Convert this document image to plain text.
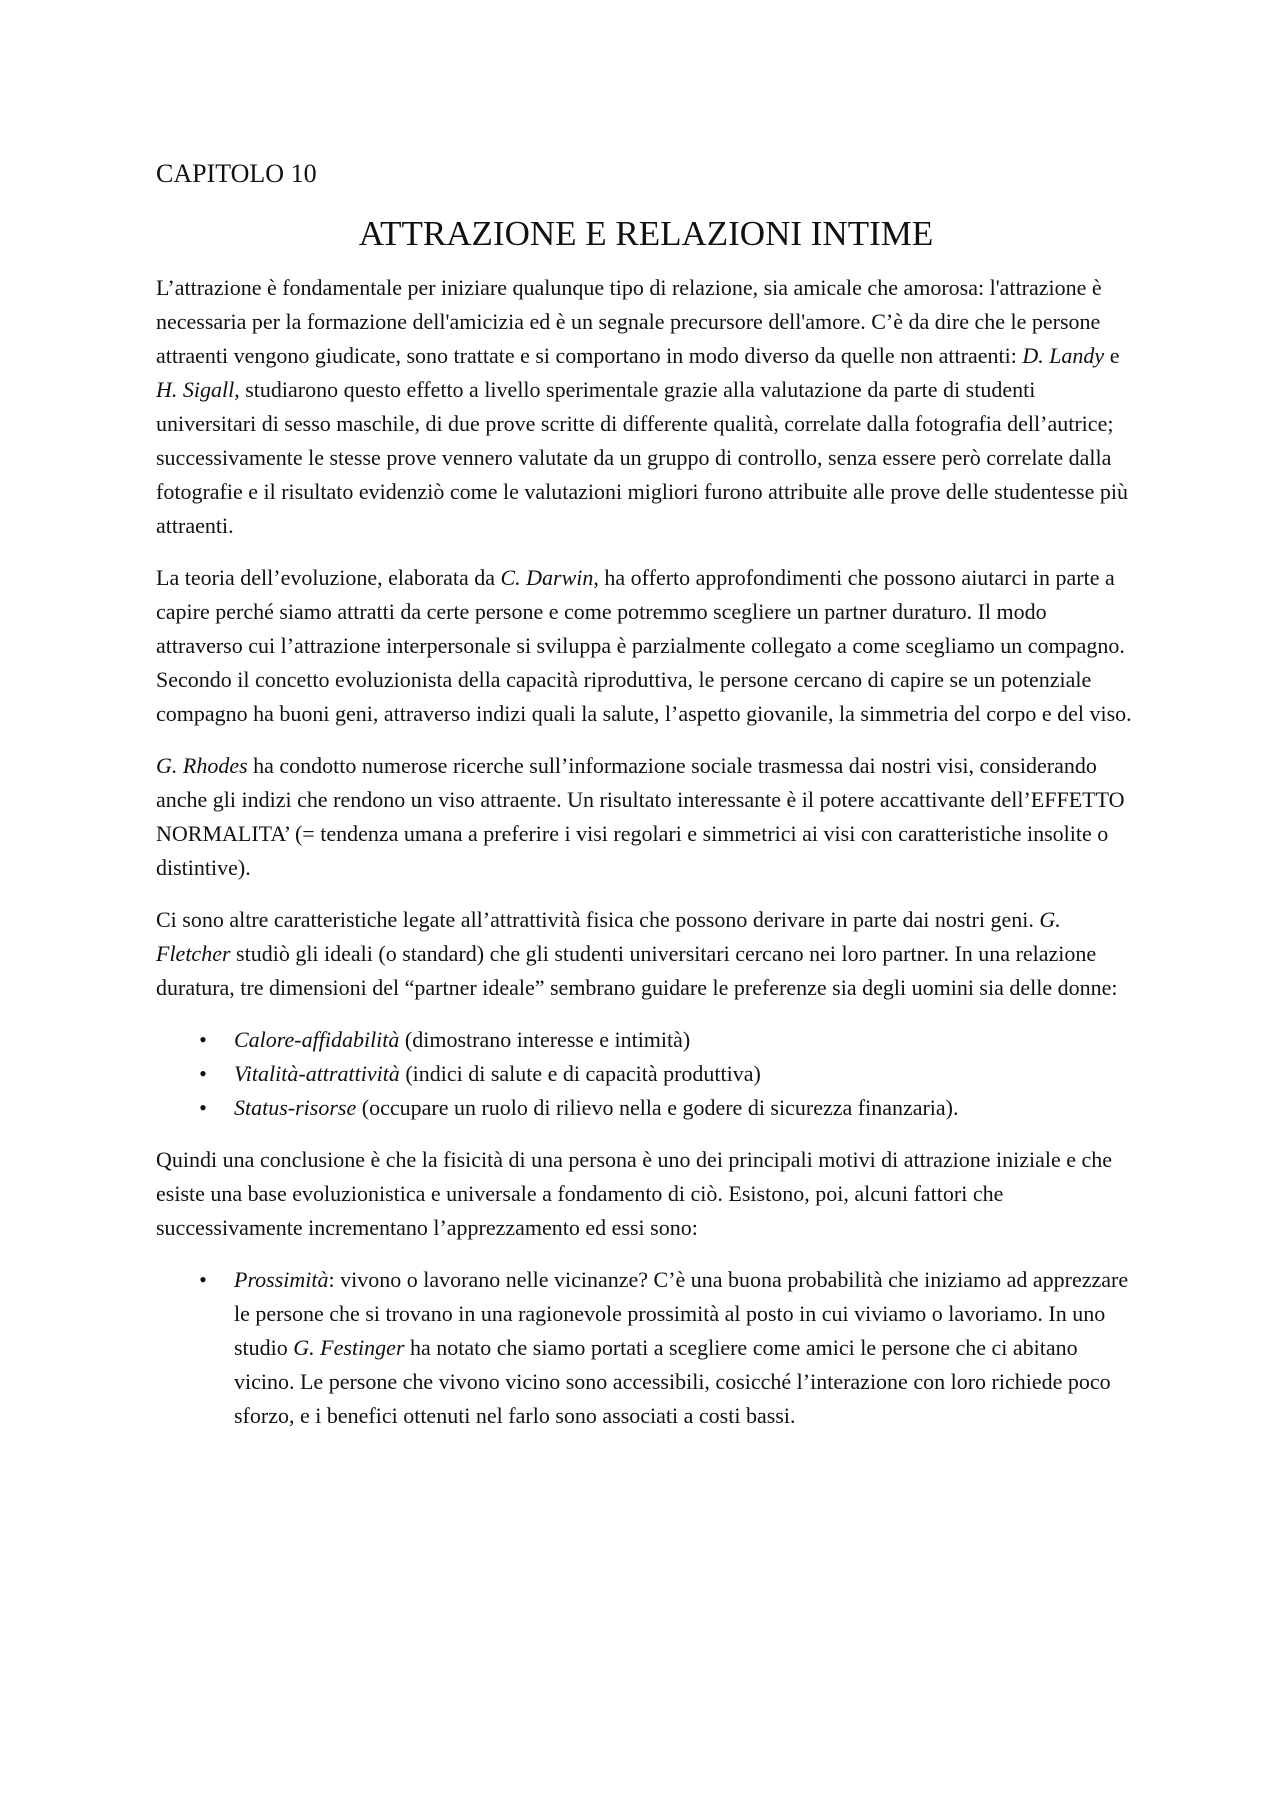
CAPITOLO 10
ATTRAZIONE E RELAZIONI INTIME

L’attrazione è fondamentale per iniziare qualunque tipo di relazione, sia amicale che amorosa: l'attrazione è necessaria per la formazione dell'amicizia ed è un segnale precursore dell'amore. C’è da dire che le persone attraenti vengono giudicate, sono trattate e si comportano in modo diverso da quelle non attraenti: D. Landy e H. Sigall, studiarono questo effetto a livello sperimentale grazie alla valutazione da parte di studenti universitari di sesso maschile, di due prove scritte di differente qualità, correlate dalla fotografia dell’autrice; successivamente le stesse prove vennero valutate da un gruppo di controllo, senza essere però correlate dalla fotografie e il risultato evidenziò come le valutazioni migliori furono attribuite alle prove delle studentesse più attraenti.

La teoria dell’evoluzione, elaborata da C. Darwin, ha offerto approfondimenti che possono aiutarci in parte a capire perché siamo attratti da certe persone e come potremmo scegliere un partner duraturo. Il modo attraverso cui l’attrazione interpersonale si sviluppa è parzialmente collegato a come scegliamo un compagno. Secondo il concetto evoluzionista della capacità riproduttiva, le persone cercano di capire se un potenziale compagno ha buoni geni, attraverso indizi quali la salute, l’aspetto giovanile, la simmetria del corpo e del viso.

G. Rhodes ha condotto numerose ricerche sull’informazione sociale trasmessa dai nostri visi, considerando anche gli indizi che rendono un viso attraente. Un risultato interessante è il potere accattivante dell’EFFETTO NORMALITA’ (= tendenza umana a preferire i visi regolari e simmetrici ai visi con caratteristiche insolite o distintive).

Ci sono altre caratteristiche legate all’attrattività fisica che possono derivare in parte dai nostri geni. G. Fletcher studiò gli ideali (o standard) che gli studenti universitari cercano nei loro partner. In una relazione duratura, tre dimensioni del “partner ideale” sembrano guidare le preferenze sia degli uomini sia delle donne:

• Calore-affidabilità (dimostrano interesse e intimità)
• Vitalità-attrattività (indici di salute e di capacità produttiva)
• Status-risorse (occupare un ruolo di rilievo nella e godere di sicurezza finanzaria).

Quindi una conclusione è che la fisicità di una persona è uno dei principali motivi di attrazione iniziale e che esiste una base evoluzionistica e universale a fondamento di ciò. Esistono, poi, alcuni fattori che successivamente incrementano l’apprezzamento ed essi sono:

• Prossimità: vivono o lavorano nelle vicinanze? C’è una buona probabilità che iniziamo ad apprezzare le persone che si trovano in una ragionevole prossimità al posto in cui viviamo o lavoriamo. In uno studio G. Festinger ha notato che siamo portati a scegliere come amici le persone che ci abitano vicino. Le persone che vivono vicino sono accessibili, cosicché l’interazione con loro richiede poco sforzo, e i benefici ottenuti nel farlo sono associati a costi bassi.
